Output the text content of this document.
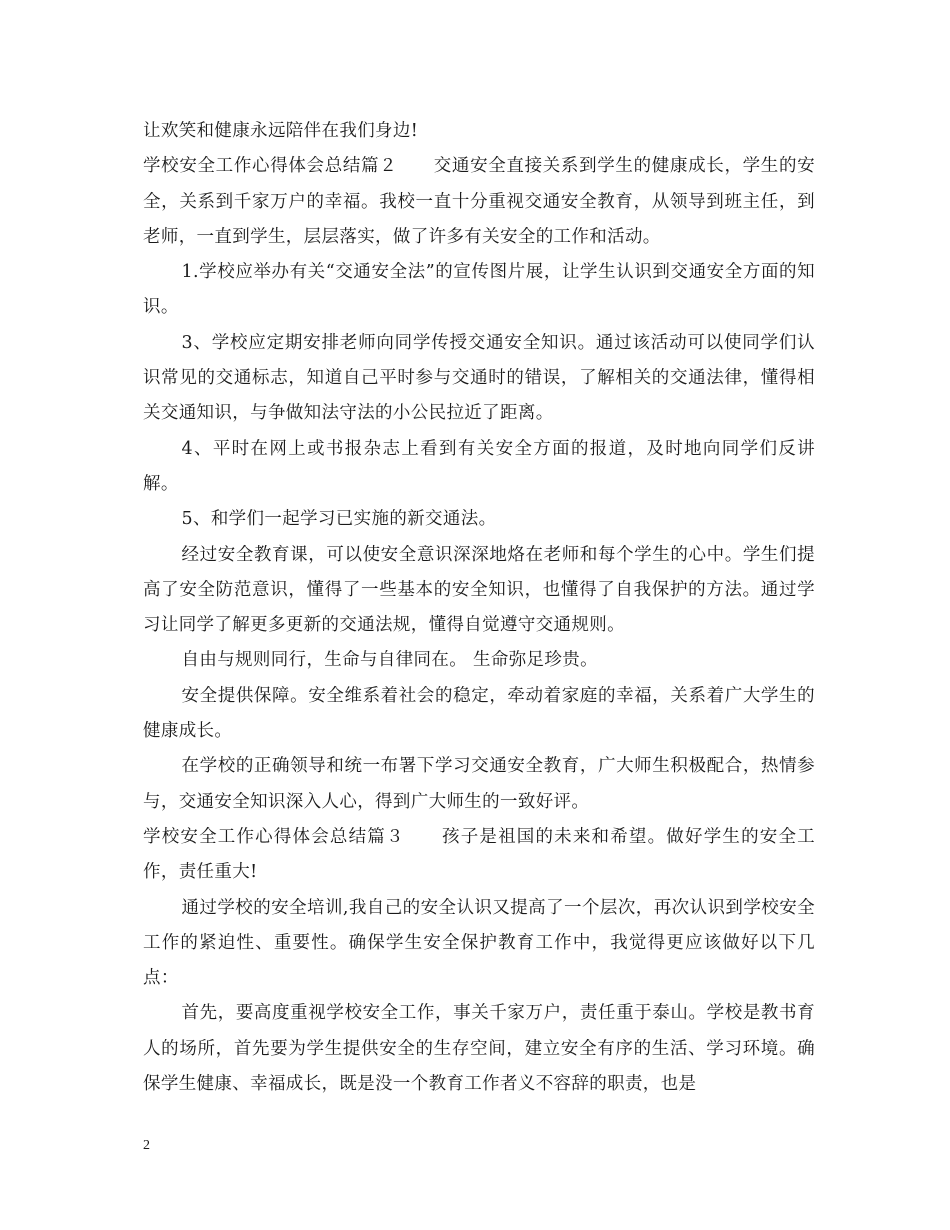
让欢笑和健康永远陪伴在我们身边!

学校安全工作心得体会总结篇２　　交通安全直接关系到学生的健康成长，学生的安全，关系到千家万户的幸福。我校一直十分重视交通安全教育，从领导到班主任，到老师，一直到学生，层层落实，做了许多有关安全的工作和活动。

1.学校应举办有关“交通安全法”的宣传图片展，让学生认识到交通安全方面的知识。

3、学校应定期安排老师向同学传授交通安全知识。通过该活动可以使同学们认识常见的交通标志，知道自己平时参与交通时的错误，了解相关的交通法律，懂得相关交通知识，与争做知法守法的小公民拉近了距离。

4、平时在网上或书报杂志上看到有关安全方面的报道，及时地向同学们反讲解。

5、和学们一起学习已实施的新交通法。

经过安全教育课，可以使安全意识深深地烙在老师和每个学生的心中。学生们提高了安全防范意识，懂得了一些基本的安全知识，也懂得了自我保护的方法。通过学习让同学了解更多更新的交通法规，懂得自觉遵守交通规则。

自由与规则同行，生命与自律同在。 生命弥足珍贵。

安全提供保障。安全维系着社会的稳定，牵动着家庭的幸福，关系着广大学生的健康成长。

在学校的正确领导和统一布署下学习交通安全教育，广大师生积极配合，热情参与，交通安全知识深入人心，得到广大师生的一致好评。

学校安全工作心得体会总结篇３　　孩子是祖国的未来和希望。做好学生的安全工作，责任重大!

通过学校的安全培训,我自己的安全认识又提高了一个层次，再次认识到学校安全工作的紧迫性、重要性。确保学生安全保护教育工作中，我觉得更应该做好以下几点：

首先，要高度重视学校安全工作，事关千家万户，责任重于泰山。学校是教书育人的场所，首先要为学生提供安全的生存空间，建立安全有序的生活、学习环境。确保学生健康、幸福成长，既是没一个教育工作者义不容辞的职责，也是

2
